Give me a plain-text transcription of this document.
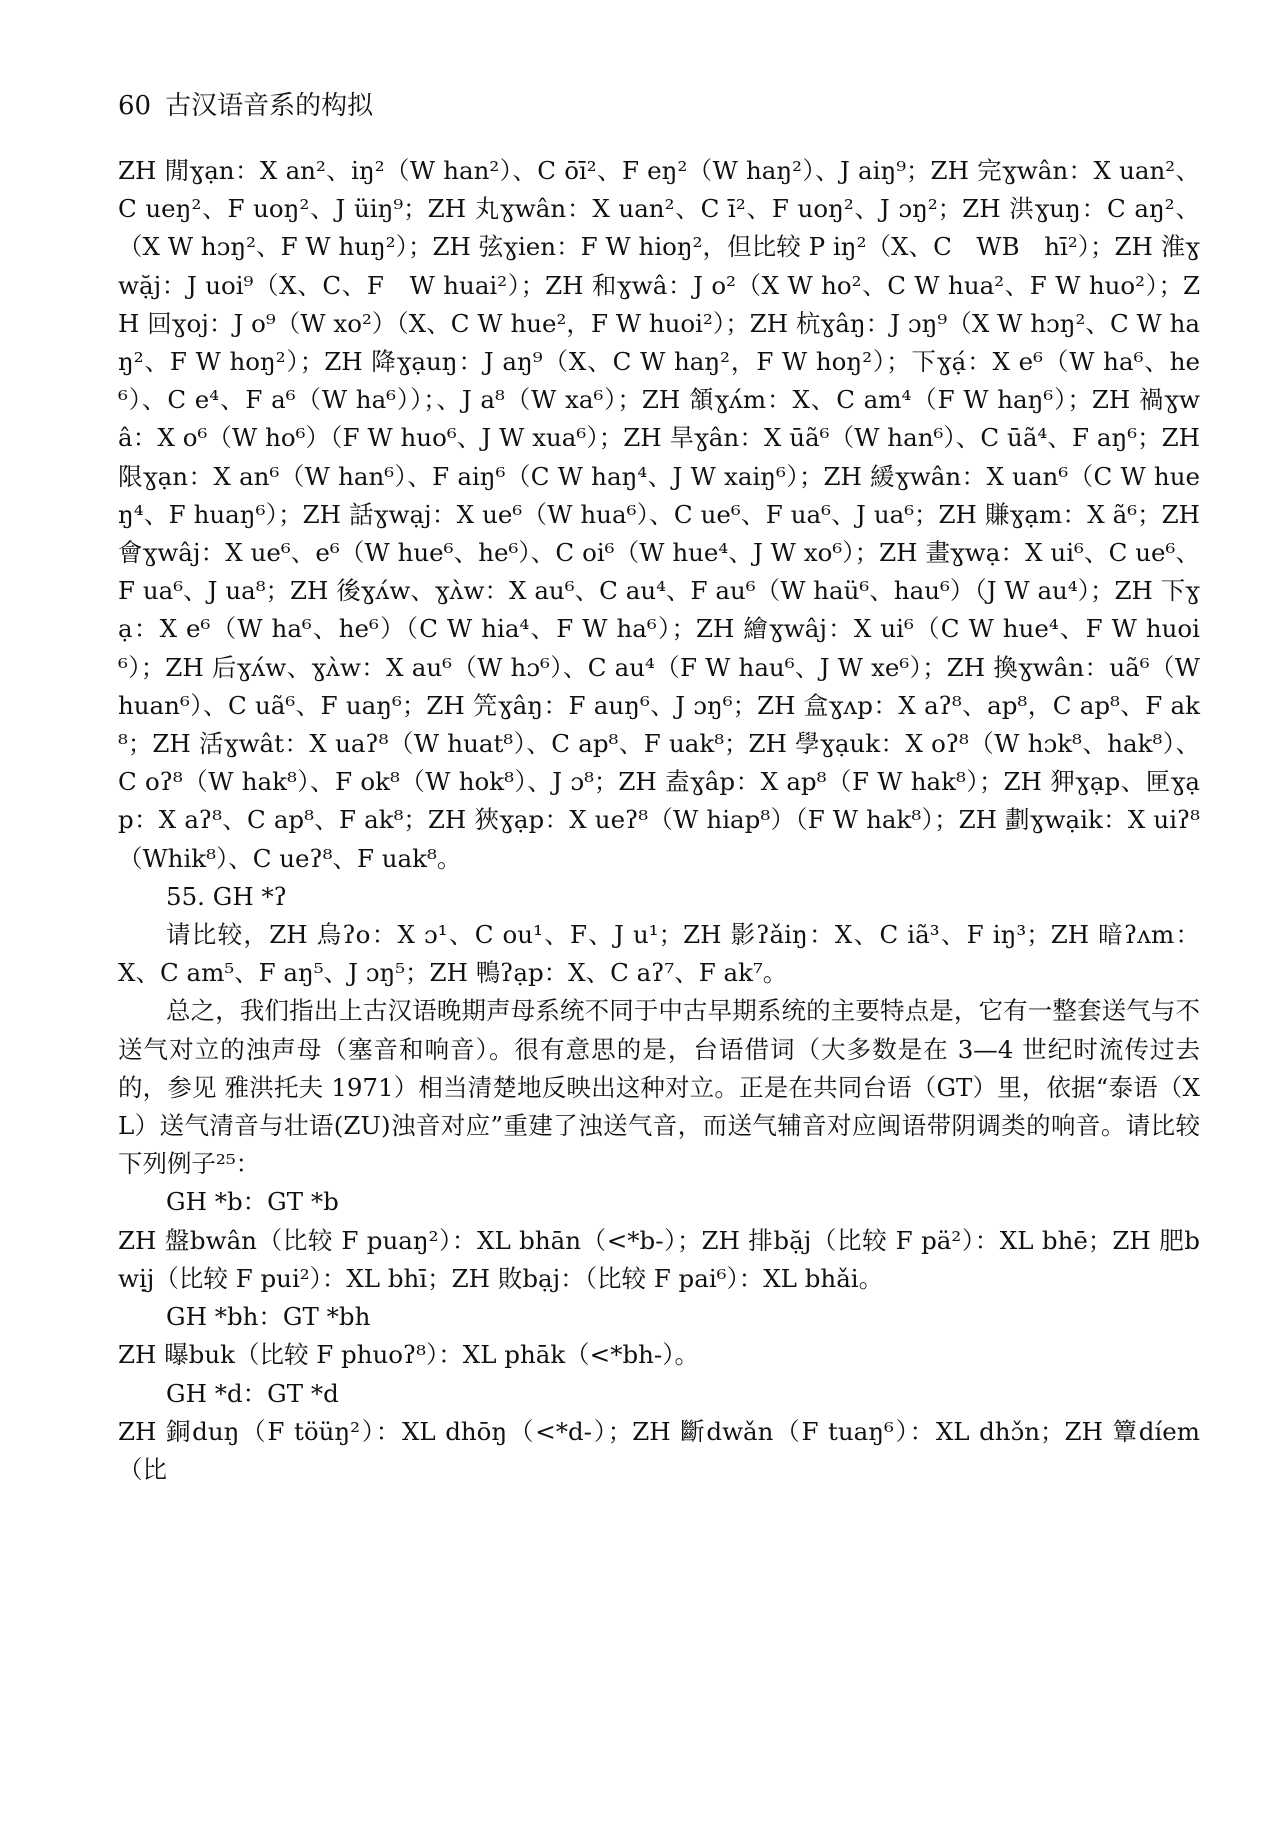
60 古汉语音系的构拟

ZH 閒ɣạn：X an²、iŋ²（W han²）、C ōī²、F eŋ²（W haŋ²）、J aiŋ⁹；ZH 完ɣwân：X uan²、C ueŋ²、F uoŋ²、J üiŋ⁹；ZH 丸ɣwân：X uan²、C ī²、F uoŋ²、J ɔŋ²；ZH 洪ɣuŋ：C aŋ²、（X W hɔŋ²、F W huŋ²）；ZH 弦ɣien：F W hioŋ²，但比较 P iŋ²（X、C　WB　hī²）；ZH 淮ɣwặj：J uoi⁹（X、C、F　W huai²）；ZH 和ɣwâ：J o²（X W ho²、C W hua²、F W huo²）；ZH 回ɣoj：J o⁹（W xo²）（X、C W hue²，F W huoi²）；ZH 杭ɣâŋ：J ɔŋ⁹（X W hɔŋ²、C W haŋ²、F W hoŋ²）；ZH 降ɣạuŋ：J aŋ⁹（X、C W haŋ²，F W hoŋ²）；下ɣạ́：X e⁶（W ha⁶、he⁶）、C e⁴、F a⁶（W ha⁶））；、J a⁸（W xa⁶）；ZH 頷ɣʌ́m：X、C am⁴（F W haŋ⁶）；ZH 禍ɣwâ：X o⁶（W ho⁶）（F W huo⁶、J W xua⁶）；ZH 旱ɣân：X ūã⁶（W han⁶）、C ūã⁴、F aŋ⁶；ZH 限ɣạn：X an⁶（W han⁶）、F aiŋ⁶（C W haŋ⁴、J W xaiŋ⁶）；ZH 緩ɣwân：X uan⁶（C W hueŋ⁴、F huaŋ⁶）；ZH 話ɣwạj：X ue⁶（W hua⁶）、C ue⁶、F ua⁶、J ua⁶；ZH 賺ɣạm：X ã⁶；ZH 會ɣwâj：X ue⁶、e⁶（W hue⁶、he⁶）、C oi⁶（W hue⁴、J W xo⁶）；ZH 畫ɣwạ：X ui⁶、C ue⁶、F ua⁶、J ua⁸；ZH 後ɣʌ́w、ɣʌ̀w：X au⁶、C au⁴、F au⁶（W haü⁶、hau⁶）（J W au⁴）；ZH 下ɣạ：X e⁶（W ha⁶、he⁶）（C W hia⁴、F W ha⁶）；ZH 繪ɣwâj：X ui⁶（C W hue⁴、F W huoi⁶）；ZH 后ɣʌ́w、ɣʌ̀w：X au⁶（W hɔ⁶）、C au⁴（F W hau⁶、J W xe⁶）；ZH 換ɣwân：uã⁶（W huan⁶）、C uã⁶、F uaŋ⁶；ZH 笐ɣâŋ：F auŋ⁶、J ɔŋ⁶；ZH 盒ɣʌp：X aʔ⁸、ap⁸，C ap⁸、F ak⁸；ZH 活ɣwât：X uaʔ⁸（W huat⁸）、C ap⁸、F uak⁸；ZH 學ɣạuk：X oʔ⁸（W hɔk⁸、hak⁸）、C oʔ⁸（W hak⁸）、F ok⁸（W hok⁸）、J ɔ⁸；ZH 盍ɣâp：X ap⁸（F W hak⁸）；ZH 狎ɣạp、匣ɣạp：X aʔ⁸、C ap⁸、F ak⁸；ZH 狹ɣạp：X ueʔ⁸（W hiap⁸）（F W hak⁸）；ZH 劃ɣwạik：X uiʔ⁸（Whik⁸）、C ueʔ⁸、F uak⁸。

55. GH *ʔ

请比较，ZH 烏ʔo：X ɔ¹、C ou¹、F、J u¹；ZH 影ʔǎiŋ：X、C iã³、F iŋ³；ZH 暗ʔʌm：X、C am⁵、F aŋ⁵、J ɔŋ⁵；ZH 鴨ʔạp：X、C aʔ⁷、F ak⁷。

总之，我们指出上古汉语晚期声母系统不同于中古早期系统的主要特点是，它有一整套送气与不送气对立的浊声母（塞音和响音）。很有意思的是，台语借词（大多数是在 3—4 世纪时流传过去的，参见 雅洪托夫 1971）相当清楚地反映出这种对立。正是在共同台语（GT）里，依据“泰语（XL）送气清音与壮语(ZU)浊音对应”重建了浊送气音，而送气辅音对应闽语带阴调类的响音。请比较下列例子²⁵：

GH *b：GT *b

ZH 盤bwân（比较 F puaŋ²）：XL bhān（<*b-）；ZH 排bặj（比较 F pä²）：XL bhē；ZH 肥bwịj（比较 F pui²）：XL bhī；ZH 敗bạj：（比较 F pai⁶）：XL bhǎi。

GH *bh：GT *bh

ZH 曝buk（比较 F phuoʔ⁸）：XL phāk（<*bh-）。

GH *d：GT *d

ZH 銅duŋ（F töüŋ²）：XL dhōŋ（<*d-）；ZH 斷dwǎn（F tuaŋ⁶）：XL dhɔ̌n；ZH 簟díem（比
